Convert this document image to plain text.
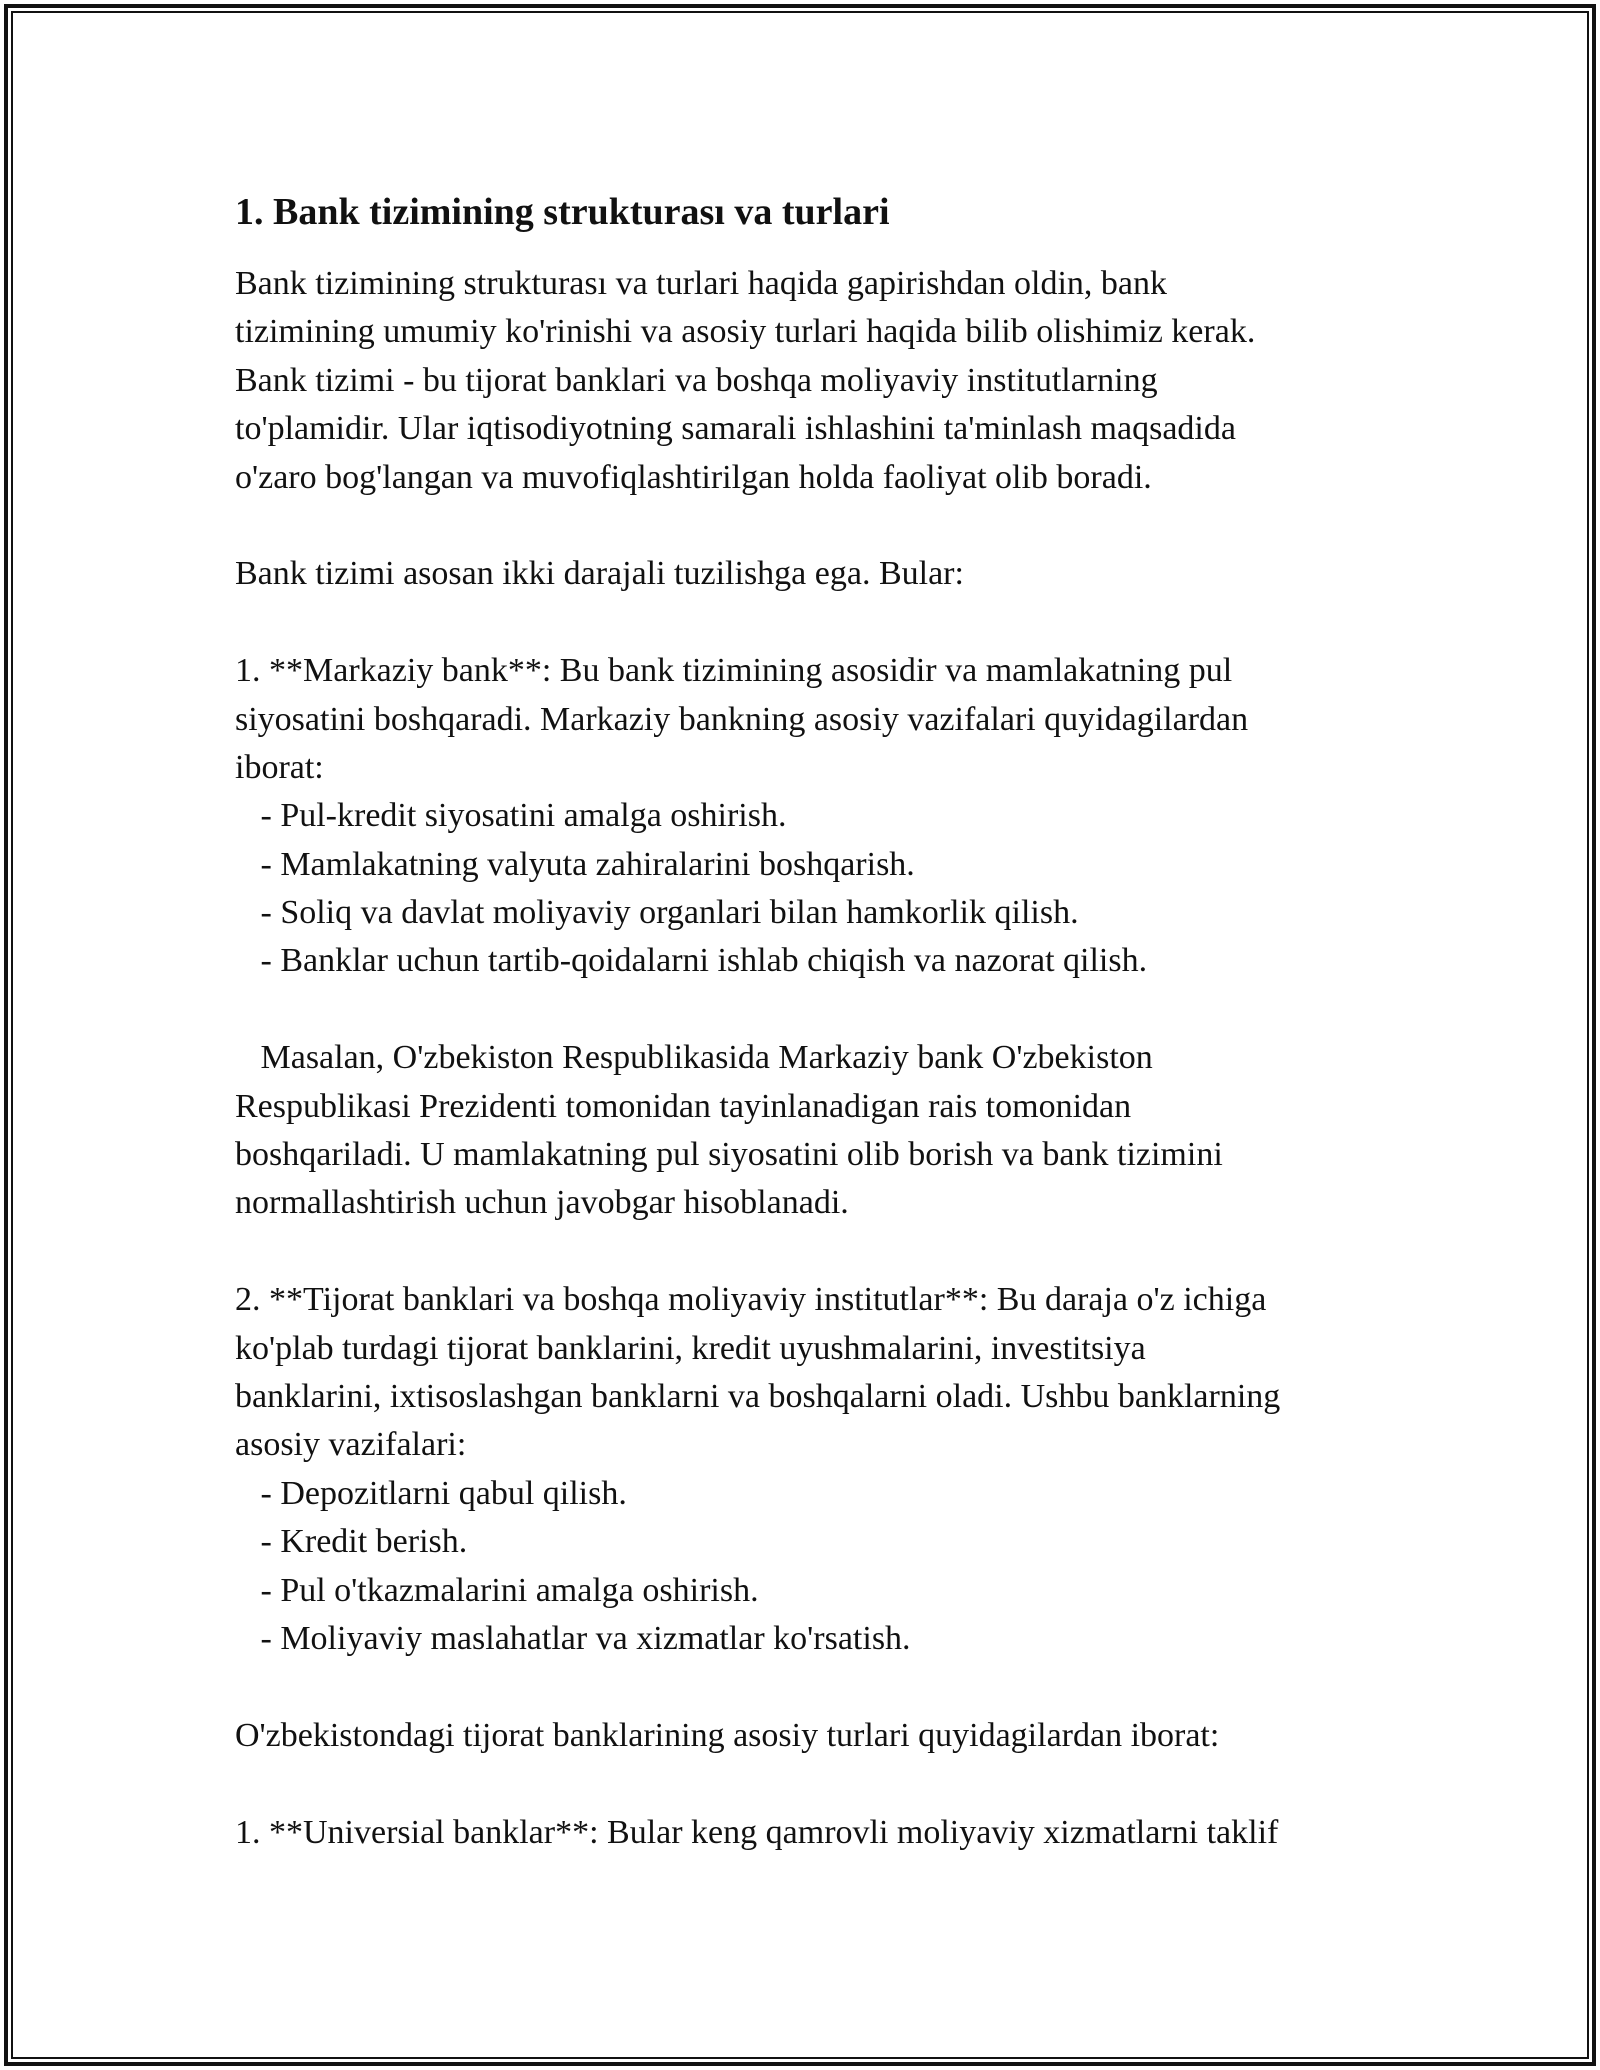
1. Bank tizimining strukturası va turlari
Bank tizimining strukturası va turlari haqida gapirishdan oldin, bank
tizimining umumiy ko'rinishi va asosiy turlari haqida bilib olishimiz kerak.
Bank tizimi - bu tijorat banklari va boshqa moliyaviy institutlarning
to'plamidir. Ular iqtisodiyotning samarali ishlashini ta'minlash maqsadida
o'zaro bog'langan va muvofiqlashtirilgan holda faoliyat olib boradi.
Bank tizimi asosan ikki darajali tuzilishga ega. Bular:
1. **Markaziy bank**: Bu bank tizimining asosidir va mamlakatning pul
siyosatini boshqaradi. Markaziy bankning asosiy vazifalari quyidagilardan
iborat:
- Pul-kredit siyosatini amalga oshirish.
- Mamlakatning valyuta zahiralarini boshqarish.
- Soliq va davlat moliyaviy organlari bilan hamkorlik qilish.
- Banklar uchun tartib-qoidalarni ishlab chiqish va nazorat qilish.
Masalan, O'zbekiston Respublikasida Markaziy bank O'zbekiston
Respublikasi Prezidenti tomonidan tayinlanadigan rais tomonidan
boshqariladi. U mamlakatning pul siyosatini olib borish va bank tizimini
normallashtirish uchun javobgar hisoblanadi.
2. **Tijorat banklari va boshqa moliyaviy institutlar**: Bu daraja o'z ichiga
ko'plab turdagi tijorat banklarini, kredit uyushmalarini, investitsiya
banklarini, ixtisoslashgan banklarni va boshqalarni oladi. Ushbu banklarning
asosiy vazifalari:
- Depozitlarni qabul qilish.
- Kredit berish.
- Pul o'tkazmalarini amalga oshirish.
- Moliyaviy maslahatlar va xizmatlar ko'rsatish.
O'zbekistondagi tijorat banklarining asosiy turlari quyidagilardan iborat:
1. **Universial banklar**: Bular keng qamrovli moliyaviy xizmatlarni taklif
